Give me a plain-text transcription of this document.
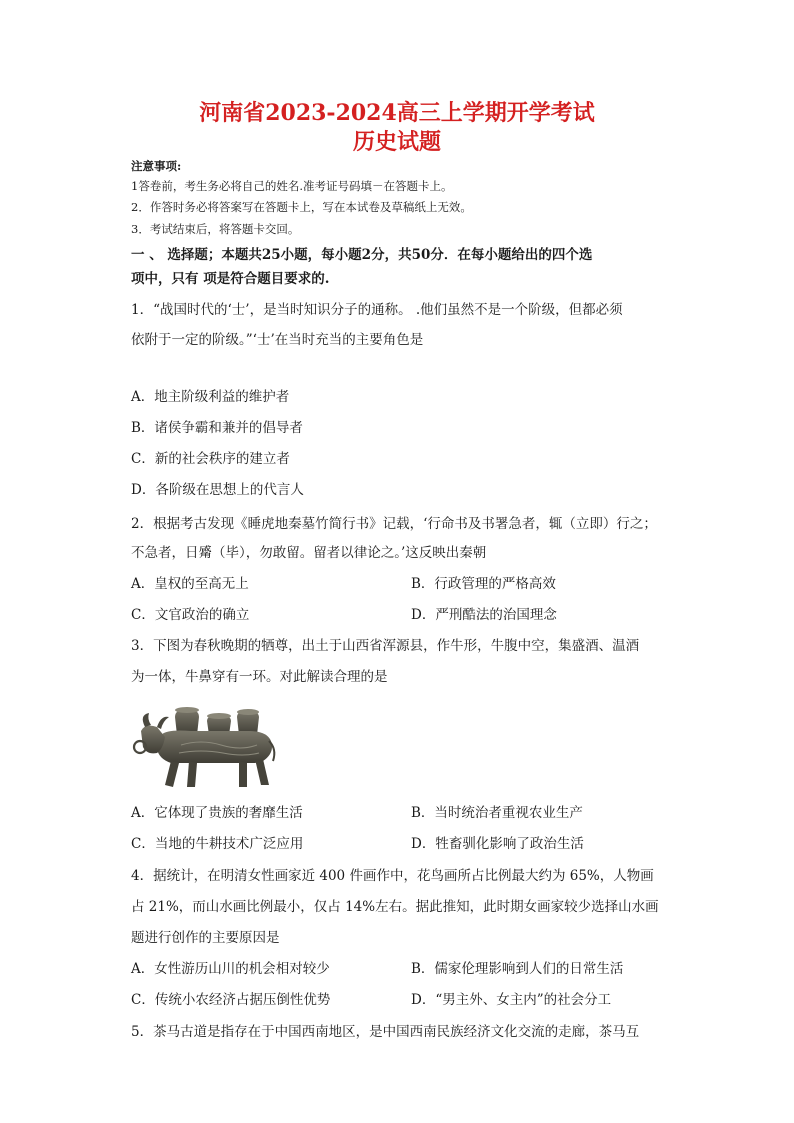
河南省2023-2024高三上学期开学考试
历史试题
注意事项:
1答卷前，考生务必将自己的姓名.准考证号码填－在答题卡上。
2．作答时务必将答案写在答题卡上，写在本试卷及草稿纸上无效。
3．考试结束后，将答题卡交回。
一 、 选择题；本题共25小题，每小题2分，共50分．在每小题给出的四个选
项中，只有 项是符合题目要求的.
1．“战国时代的‘士’，是当时知识分子的通称。 .他们虽然不是一个阶级，但都必须
依附于一定的阶级。”‘士’在当时充当的主要角色是
A．地主阶级利益的维护者
B．诸侯争霸和兼并的倡导者
C．新的社会秩序的建立者
D．各阶级在思想上的代言人
2．根据考古发现《睡虎地秦墓竹简行书》记载，‘行命书及书署急者，辄（立即）行之；
不急者，日觱（毕），勿敢留。留者以律论之。’这反映出秦朝
A．皇权的至高无上	B．行政管理的严格高效
C．文官政治的确立	D．严刑酷法的治国理念
3．下图为春秋晚期的牺尊，出土于山西省浑源县，作牛形，牛腹中空，集盛酒、温酒
为一体，牛鼻穿有一环。对此解读合理的是
A．它体现了贵族的奢靡生活	B．当时统治者重视农业生产
C．当地的牛耕技术广泛应用	D．牲畜驯化影响了政治生活
4．据统计，在明清女性画家近 400 件画作中，花鸟画所占比例最大约为 65%，人物画
占 21%，而山水画比例最小，仅占 14%左右。据此推知，此时期女画家较少选择山水画
题进行创作的主要原因是
A．女性游历山川的机会相对较少	B．儒家伦理影响到人们的日常生活
C．传统小农经济占据压倒性优势	D．“男主外、女主内”的社会分工
5．茶马古道是指存在于中国西南地区，是中国西南民族经济文化交流的走廊，茶马互
